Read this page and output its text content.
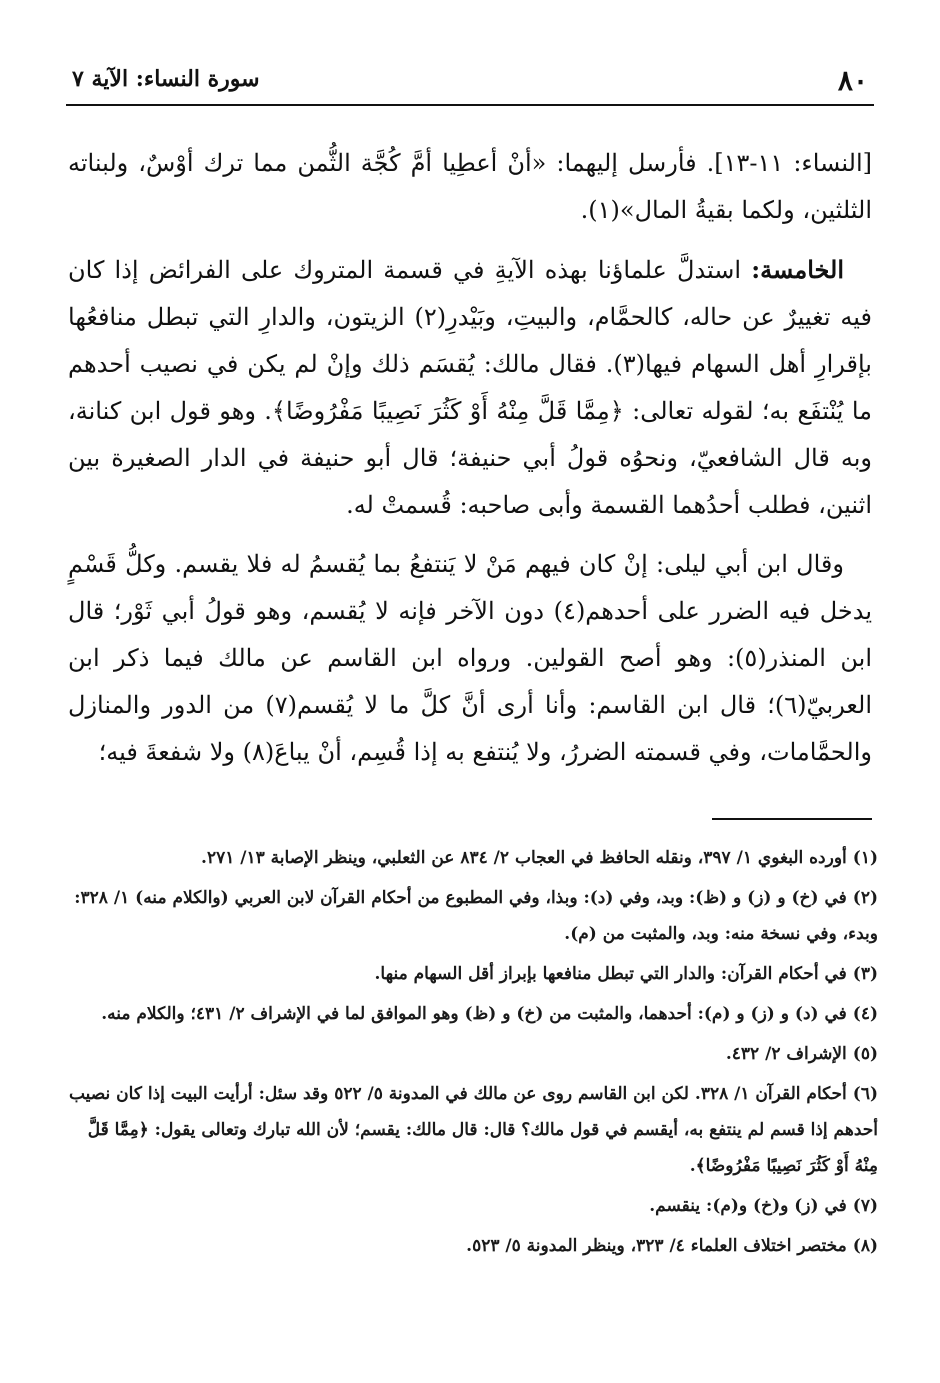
٨٠
سورة النساء: الآية ٧

[النساء: ١١-١٣]. فأرسل إليهما: «أنْ أعطِيا أمَّ كُجَّة الثُّمن مما ترك أوْسٌ، ولبناته الثلثين، ولكما بقيةُ المال»(١).

الخامسة: استدلَّ علماؤنا بهذه الآيةِ في قسمة المتروك على الفرائض إذا كان فيه تغييرٌ عن حاله، كالحمَّام، والبيتِ، وبَيْدرِ(٢) الزيتون، والدارِ التي تبطل منافعُها بإقرارِ أهل السهام فيها(٣). فقال مالك: يُقسَم ذلك وإنْ لم يكن في نصيب أحدهم ما يُنْتفَع به؛ لقوله تعالى: ﴿مِمَّا قَلَّ مِنْهُ أَوْ كَثُرَ نَصِيبًا مَفْرُوضًا﴾. وهو قول ابن كنانة، وبه قال الشافعيّ، ونحوُه قولُ أبي حنيفة؛ قال أبو حنيفة في الدار الصغيرة بين اثنين، فطلب أحدُهما القسمة وأبى صاحبه: قُسمتْ له.

وقال ابن أبي ليلى: إنْ كان فيهم مَنْ لا يَنتفعُ بما يُقسمُ له فلا يقسم. وكلُّ قَسْمٍ يدخل فيه الضرر على أحدهم(٤) دون الآخر فإنه لا يُقسم، وهو قولُ أبي ثَوْر؛ قال ابن المنذر(٥): وهو أصح القولين. ورواه ابن القاسم عن مالك فيما ذكر ابن العربيّ(٦)؛ قال ابن القاسم: وأنا أرى أنَّ كلَّ ما لا يُقسم(٧) من الدور والمنازل والحمَّامات، وفي قسمته الضررُ، ولا يُنتفع به إذا قُسِم، أنْ يباعَ(٨) ولا شفعةَ فيه؛

(١)أورده البغوي ١/ ٣٩٧، ونقله الحافظ في العجاب ٢/ ٨٣٤ عن الثعلبي، وينظر الإصابة ١٣/ ٢٧١.
(٢)في (خ) و (ز) و (ظ): وبد، وفي (د): وبذا، وفي المطبوع من أحكام القرآن لابن العربي (والكلام منه) ١/ ٣٢٨: وبدء، وفي نسخة منه: وبد، والمثبت من (م).
(٣)في أحكام القرآن: والدار التي تبطل منافعها بإبراز أقل السهام منها.
(٤)في (د) و (ز) و (م): أحدهما، والمثبت من (خ) و (ظ) وهو الموافق لما في الإشراف ٢/ ٤٣١؛ والكلام منه.
(٥)الإشراف ٢/ ٤٣٢.
(٦)أحكام القرآن ١/ ٣٢٨. لكن ابن القاسم روى عن مالك في المدونة ٥/ ٥٢٢ وقد سئل: أرأيت البيت إذا كان نصيب أحدهم إذا قسم لم ينتفع به، أيقسم في قول مالك؟ قال: قال مالك: يقسم؛ لأن الله تبارك وتعالى يقول: ﴿مِمَّا قَلَّ مِنْهُ أَوْ كَثُرَ نَصِيبًا مَفْرُوضًا﴾.
(٧)في (ز) و(خ) و(م): ينقسم.
(٨)مختصر اختلاف العلماء ٤/ ٣٢٣، وينظر المدونة ٥/ ٥٢٣.
